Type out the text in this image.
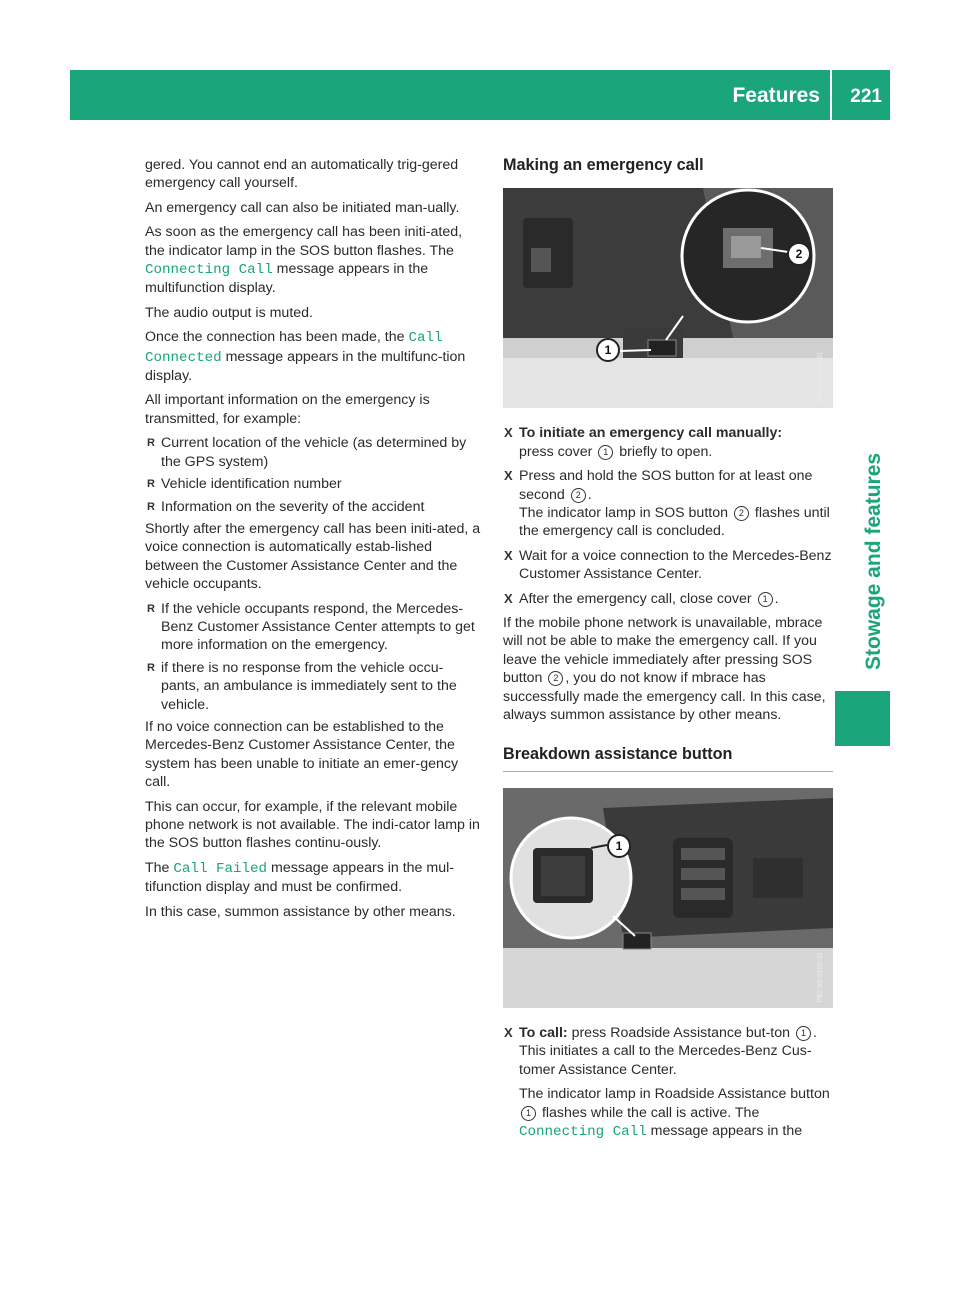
Features 221
Stowage and features

gered. You cannot end an automatically trig-gered emergency call yourself.

An emergency call can also be initiated man-ually.

As soon as the emergency call has been initi-ated, the indicator lamp in the SOS button flashes. The Connecting Call message appears in the multifunction display.

The audio output is muted.

Once the connection has been made, the Call Connected message appears in the multifunc-tion display.

All important information on the emergency is transmitted, for example:

R Current location of the vehicle (as determined by the GPS system)
R Vehicle identification number
R Information on the severity of the accident

Shortly after the emergency call has been initi-ated, a voice connection is automatically estab-lished between the Customer Assistance Center and the vehicle occupants.

R If the vehicle occupants respond, the Mercedes-Benz Customer Assistance Center attempts to get more information on the emergency.
R if there is no response from the vehicle occu-pants, an ambulance is immediately sent to the vehicle.

If no voice connection can be established to the Mercedes-Benz Customer Assistance Center, the system has been unable to initiate an emer-gency call.

This can occur, for example, if the relevant mobile phone network is not available. The indi-cator lamp in the SOS button flashes continu-ously.

The Call Failed message appears in the mul-tifunction display and must be confirmed.

In this case, summon assistance by other means.

Making an emergency call
1
2
P82.95-3183-31
X To initiate an emergency call manually:
press cover 1 briefly to open.
X Press and hold the SOS button for at least one second 2 .
The indicator lamp in SOS button 2 flashes until the emergency call is concluded.
X Wait for a voice connection to the Mercedes-Benz Customer Assistance Center.
X After the emergency call, close cover 1 .

If the mobile phone network is unavailable, mbrace will not be able to make the emergency call. If you leave the vehicle immediately after pressing SOS button 2 , you do not know if mbrace has successfully made the emergency call. In this case, always summon assistance by other means.

Breakdown assistance button
1
P82.95-3182-31
X To call: press Roadside Assistance but-ton 1 .
This initiates a call to the Mercedes-Benz Cus-tomer Assistance Center.

The indicator lamp in Roadside Assistance button 1 flashes while the call is active. The Connecting Call message appears in the
